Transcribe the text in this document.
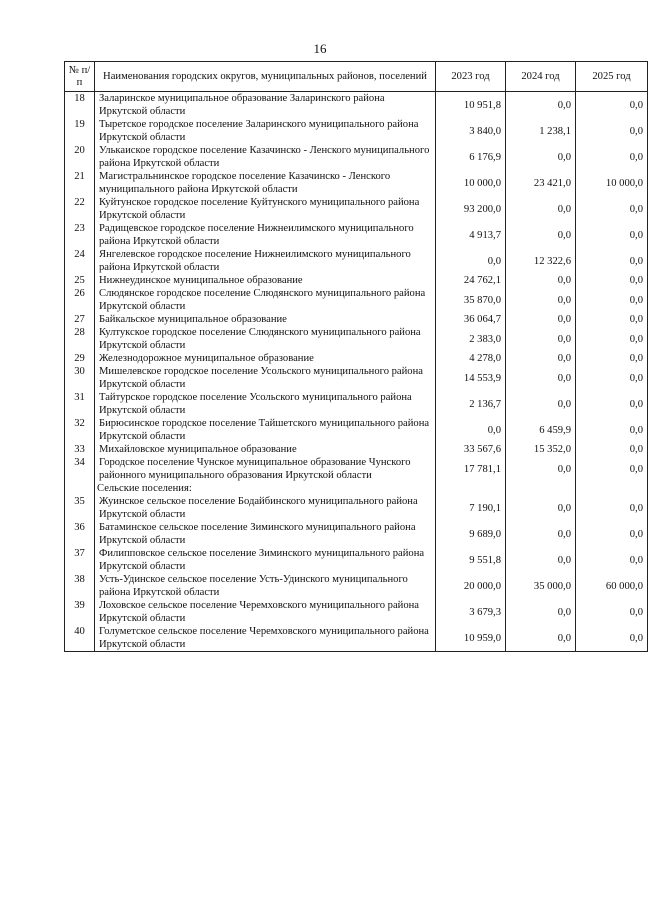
16
№ п/п	Наименования городских округов, муниципальных районов, поселений	2023 год	2024 год	2025 год
18	Заларинское муниципальное образование Заларинского района Иркутской области	10 951,8	0,0	0,0
19	Тыретское городское поселение Заларинского муниципального района Иркутской области	3 840,0	1 238,1	0,0
20	Улькаиское городское поселение Казачинско - Ленского муниципального района Иркутской области	6 176,9	0,0	0,0
21	Магистральнинское городское поселение Казачинско - Ленского муниципального района Иркутской области	10 000,0	23 421,0	10 000,0
22	Куйтунское городское поселение Куйтунского муниципального района Иркутской области	93 200,0	0,0	0,0
23	Радищевское городское поселение Нижнеилимского муниципального района Иркутской области	4 913,7	0,0	0,0
24	Янгелевское городское поселение Нижнеилимского муниципального района Иркутской области	0,0	12 322,6	0,0
25	Нижнеудинское муниципальное образование	24 762,1	0,0	0,0
26	Слюдянское городское поселение Слюдянского муниципального района Иркутской области	35 870,0	0,0	0,0
27	Байкальское муниципальное образование	36 064,7	0,0	0,0
28	Култукское городское поселение Слюдянского муниципального района Иркутской области	2 383,0	0,0	0,0
29	Железнодорожное муниципальное образование	4 278,0	0,0	0,0
30	Мишелевское городское поселение Усольского муниципального района Иркутской области	14 553,9	0,0	0,0
31	Тайтурское городское поселение Усольского муниципального района Иркутской области	2 136,7	0,0	0,0
32	Бирюсинское городское поселение Тайшетского муниципального района Иркутской области	0,0	6 459,9	0,0
33	Михайловское муниципальное образование	33 567,6	15 352,0	0,0
34	Городское поселение Чунское муниципальное образование Чунского районного муниципального образования Иркутской области	17 781,1	0,0	0,0
	Сельские поселения:			
35	Жуинское сельское поселение Бодайбинского муниципального района Иркутской области	7 190,1	0,0	0,0
36	Батаминское сельское поселение Зиминского муниципального района Иркутской области	9 689,0	0,0	0,0
37	Филипповское сельское поселение Зиминского муниципального района Иркутской области	9 551,8	0,0	0,0
38	Усть-Удинское сельское поселение Усть-Удинского муниципального района Иркутской области	20 000,0	35 000,0	60 000,0
39	Лоховское сельское поселение Черемховского муниципального района Иркутской области	3 679,3	0,0	0,0
40	Голуметское сельское поселение Черемховского муниципального района Иркутской области	10 959,0	0,0	0,0
